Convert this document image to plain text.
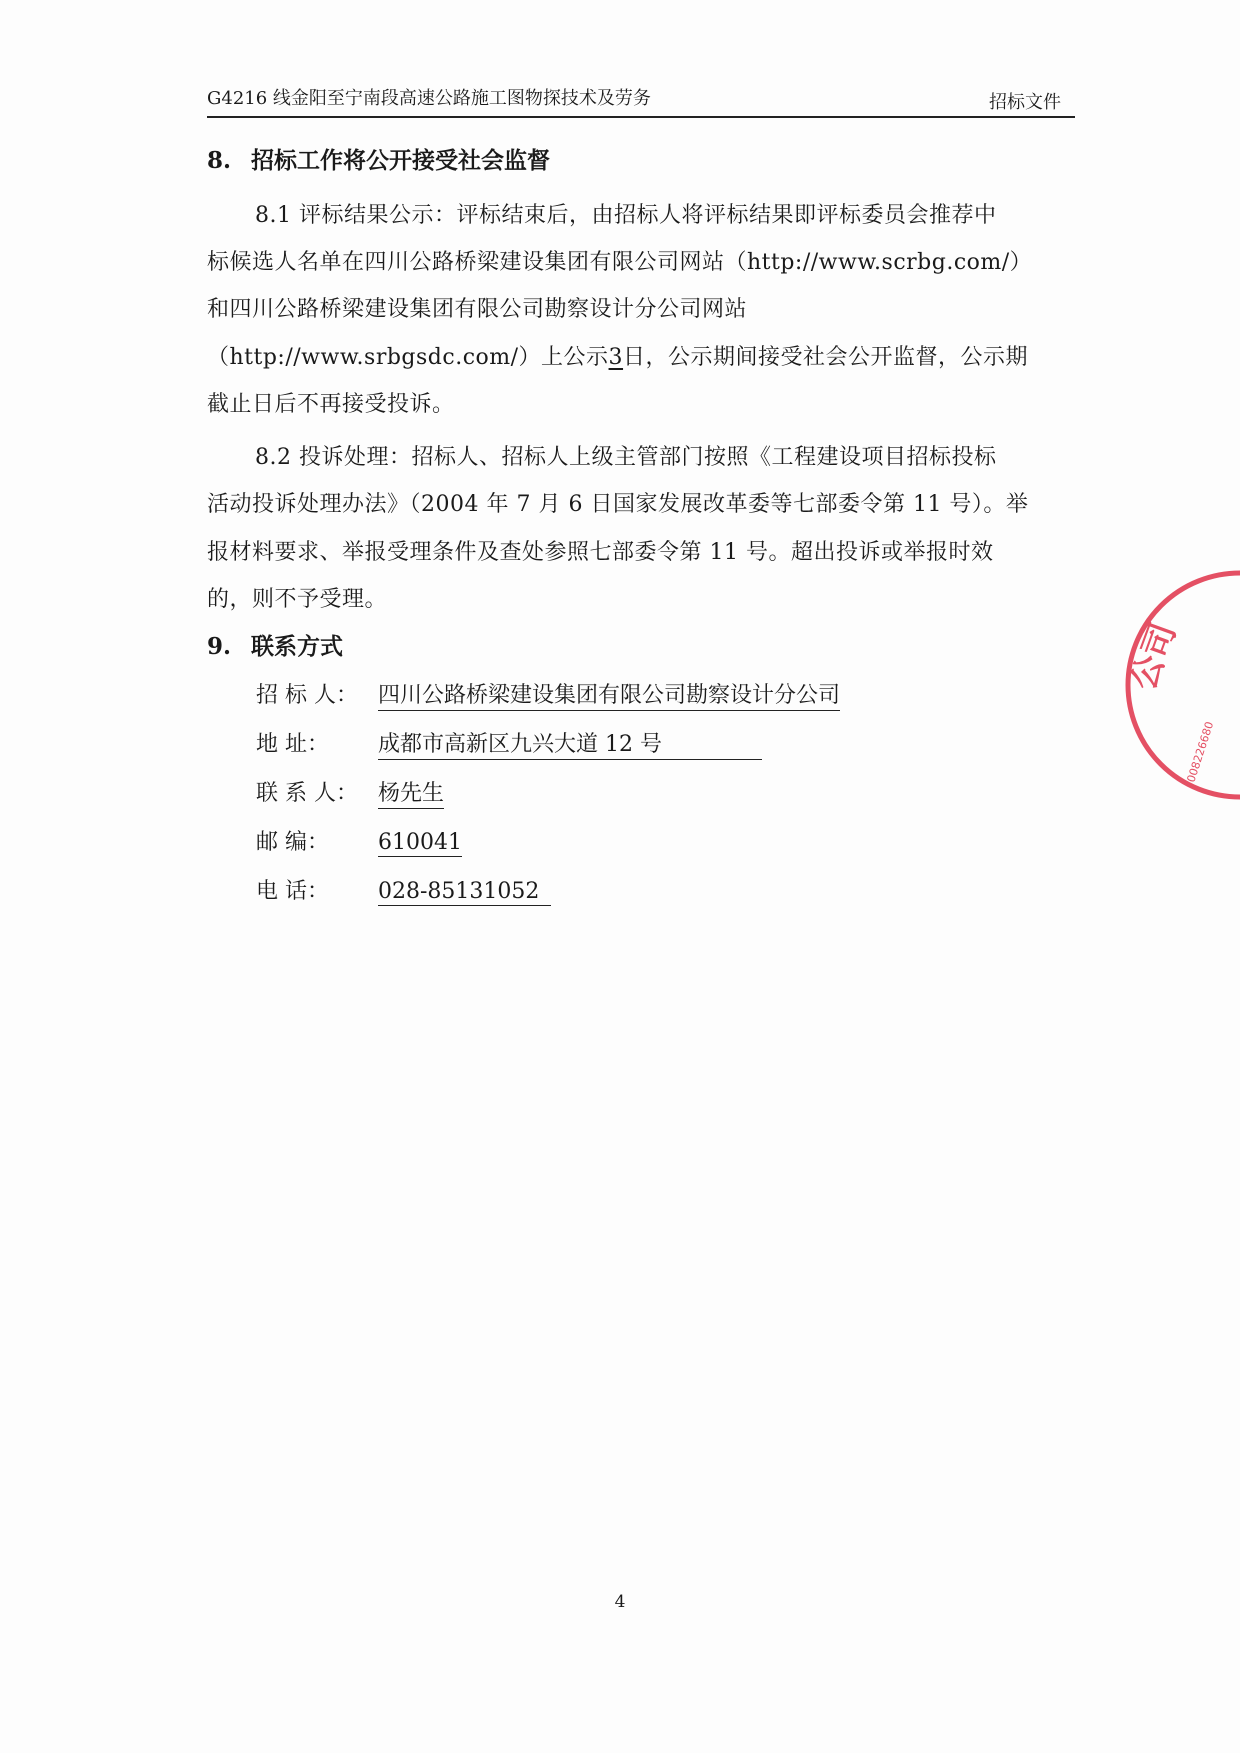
G4216 线金阳至宁南段高速公路施工图物探技术及劳务	招标文件
8. 招标工作将公开接受社会监督
8.1 评标结果公示：评标结束后，由招标人将评标结果即评标委员会推荐中
标候选人名单在四川公路桥梁建设集团有限公司网站（http://www.scrbg.com/）
和四川公路桥梁建设集团有限公司勘察设计分公司网站
（http://www.srbgsdc.com/）上公示3日，公示期间接受社会公开监督，公示期
截止日后不再接受投诉。
8.2 投诉处理：招标人、招标人上级主管部门按照《工程建设项目招标投标
活动投诉处理办法》（2004 年 7 月 6 日国家发展改革委等七部委令第 11 号）。举
报材料要求、举报受理条件及查处参照七部委令第 11 号。超出投诉或举报时效
的，则不予受理。
9. 联系方式
招 标 人： 四川公路桥梁建设集团有限公司勘察设计分公司
地 址： 成都市高新区九兴大道 12 号
联 系 人： 杨先生
邮 编： 610041
电 话： 028-85131052
公司
008226680
4
